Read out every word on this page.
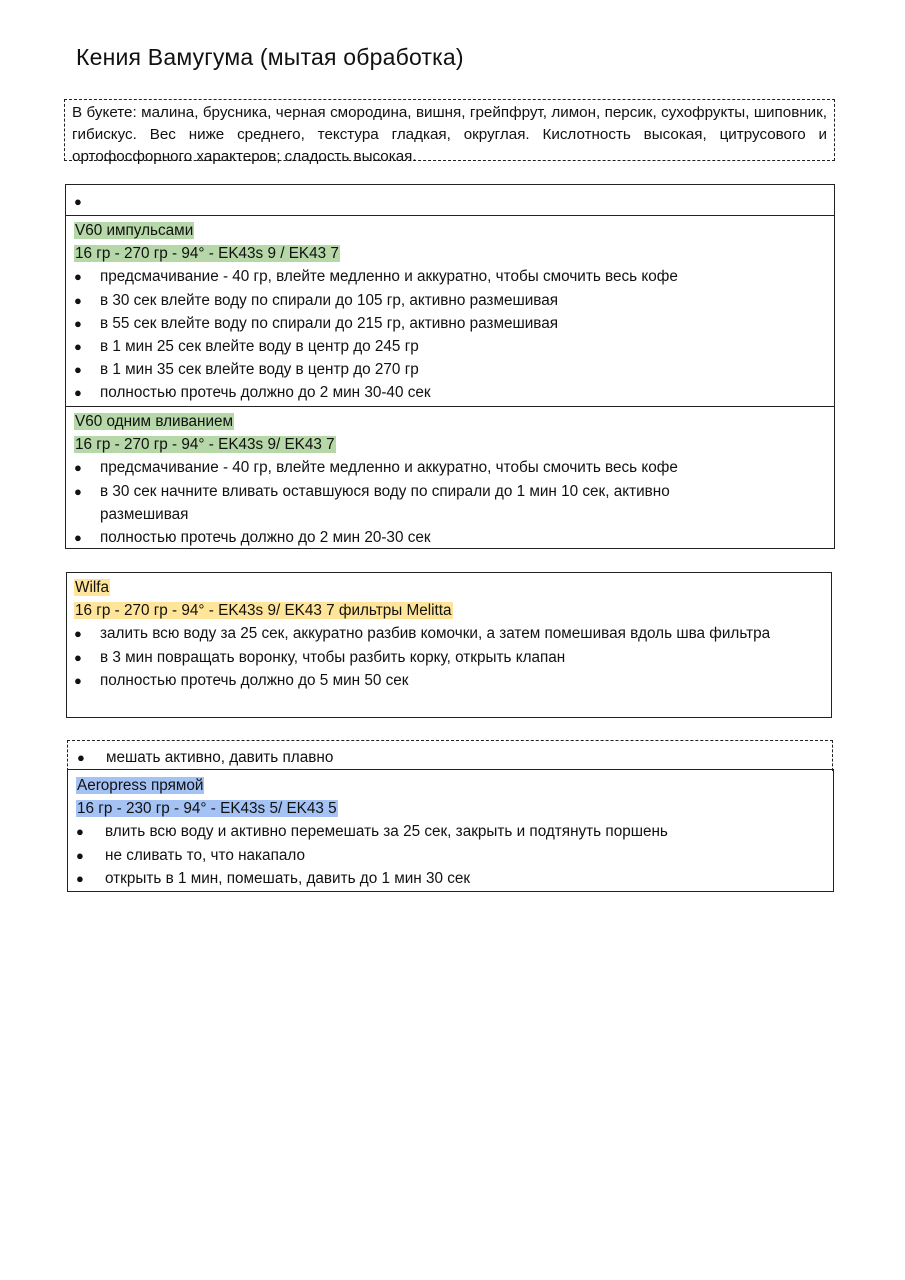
Кения Вамугума (мытая обработка)
В букете: малина, брусника, черная смородина, вишня, грейпфрут, лимон, персик, сухофрукты, шиповник, гибискус. Вес ниже среднего, текстура гладкая, округлая. Кислотность высокая, цитрусового и ортофосфорного характеров; сладость высокая.
●
V60 импульсами
16 гр - 270 гр - 94° - EK43s 9 / EK43 7
●	предсмачивание - 40 гр, влейте медленно и аккуратно, чтобы смочить весь кофе
●	в 30 сек влейте воду по спирали до 105 гр, активно размешивая
●	в 55 сек влейте воду по спирали до 215 гр, активно размешивая
●	в 1 мин 25 сек влейте воду в центр до 245 гр
●	в 1 мин 35 сек влейте воду в центр до 270 гр
●	полностью протечь должно до 2 мин 30-40 сек
V60 одним вливанием
16 гр - 270 гр - 94° - EK43s 9/ EK43 7
●	предсмачивание - 40 гр, влейте медленно и аккуратно, чтобы смочить весь кофе
●	в 30 сек начните вливать оставшуюся воду по спирали до 1 мин 10 сек, активно размешивая
●	полностью протечь должно до 2 мин 20-30 сек
Wilfa
16 гр - 270 гр - 94° - EK43s 9/ EK43 7 фильтры Melitta
●	залить всю воду за 25 сек, аккуратно разбив комочки, а затем помешивая вдоль шва фильтра
●	в 3 мин повращать воронку, чтобы разбить корку, открыть клапан
●	полностью протечь должно до 5 мин 50 сек
●	мешать активно, давить плавно
Aeropress прямой
16 гр - 230 гр - 94° - EK43s 5/ EK43 5
●	влить всю воду и активно перемешать за 25 сек, закрыть и подтянуть поршень
●	не сливать то, что накапало
●	открыть в 1 мин, помешать, давить до 1 мин 30 сек
